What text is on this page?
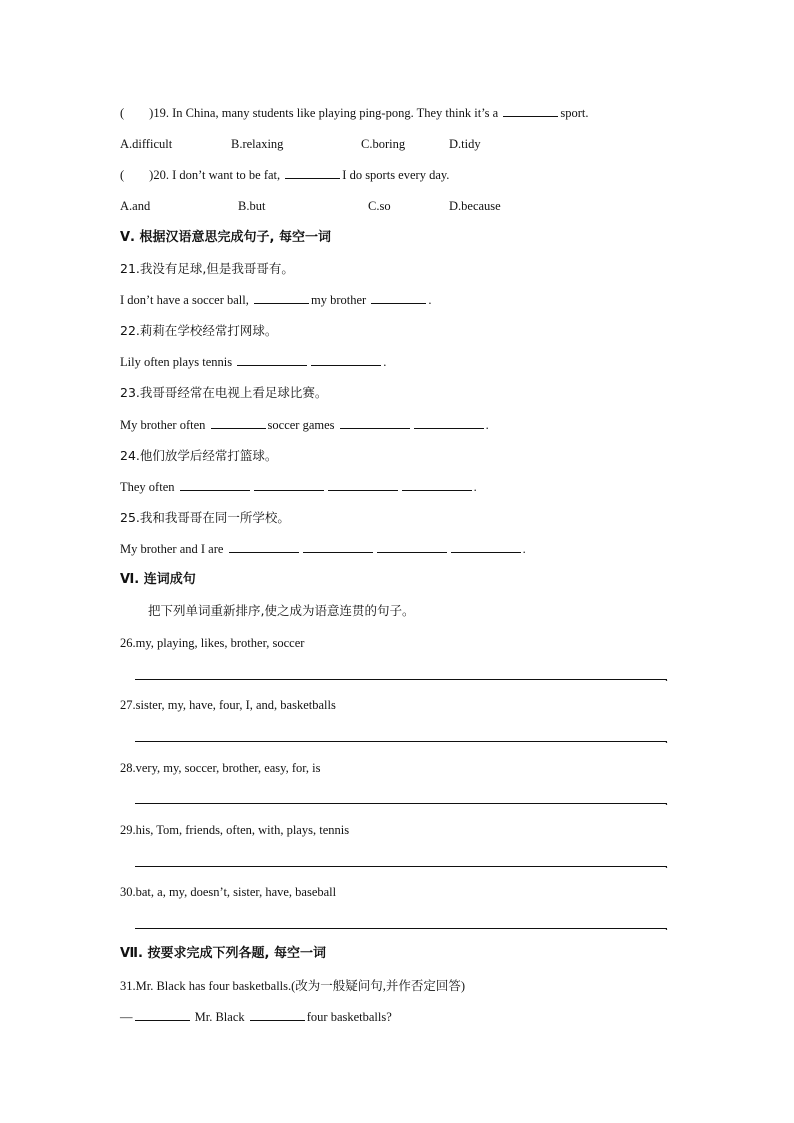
(        )19. In China, many students like playing ping-pong. They think it’s a	sport.
A.difficult	B.relaxing	C.boring	D.tidy
(        )20. I don’t want to be fat,	I do sports every day.
A.and	B.but	C.so	D.because
Ⅴ. 根据汉语意思完成句子, 每空一词
21.我没有足球,但是我哥哥有。
I don’t have a soccer ball,	my brother	.
22.莉莉在学校经常打网球。
Lily often plays tennis	.
23.我哥哥经常在电视上看足球比赛。
My brother often	soccer games	.
24.他们放学后经常打篮球。
They often	.
25.我和我哥哥在同一所学校。
My brother and I are	.
Ⅵ. 连词成句
把下列单词重新排序,使之成为语意连贯的句子。
26.my, playing, likes, brother, soccer
.
27.sister, my, have, four, I, and, basketballs
.
28.very, my, soccer, brother, easy, for, is
.
29.his, Tom, friends, often, with, plays, tennis
.
30.bat, a, my, doesn’t, sister, have, baseball
.
Ⅶ. 按要求完成下列各题, 每空一词
31.Mr. Black has four basketballs.(改为一般疑问句,并作否定回答)
—	Mr. Black	four basketballs?
